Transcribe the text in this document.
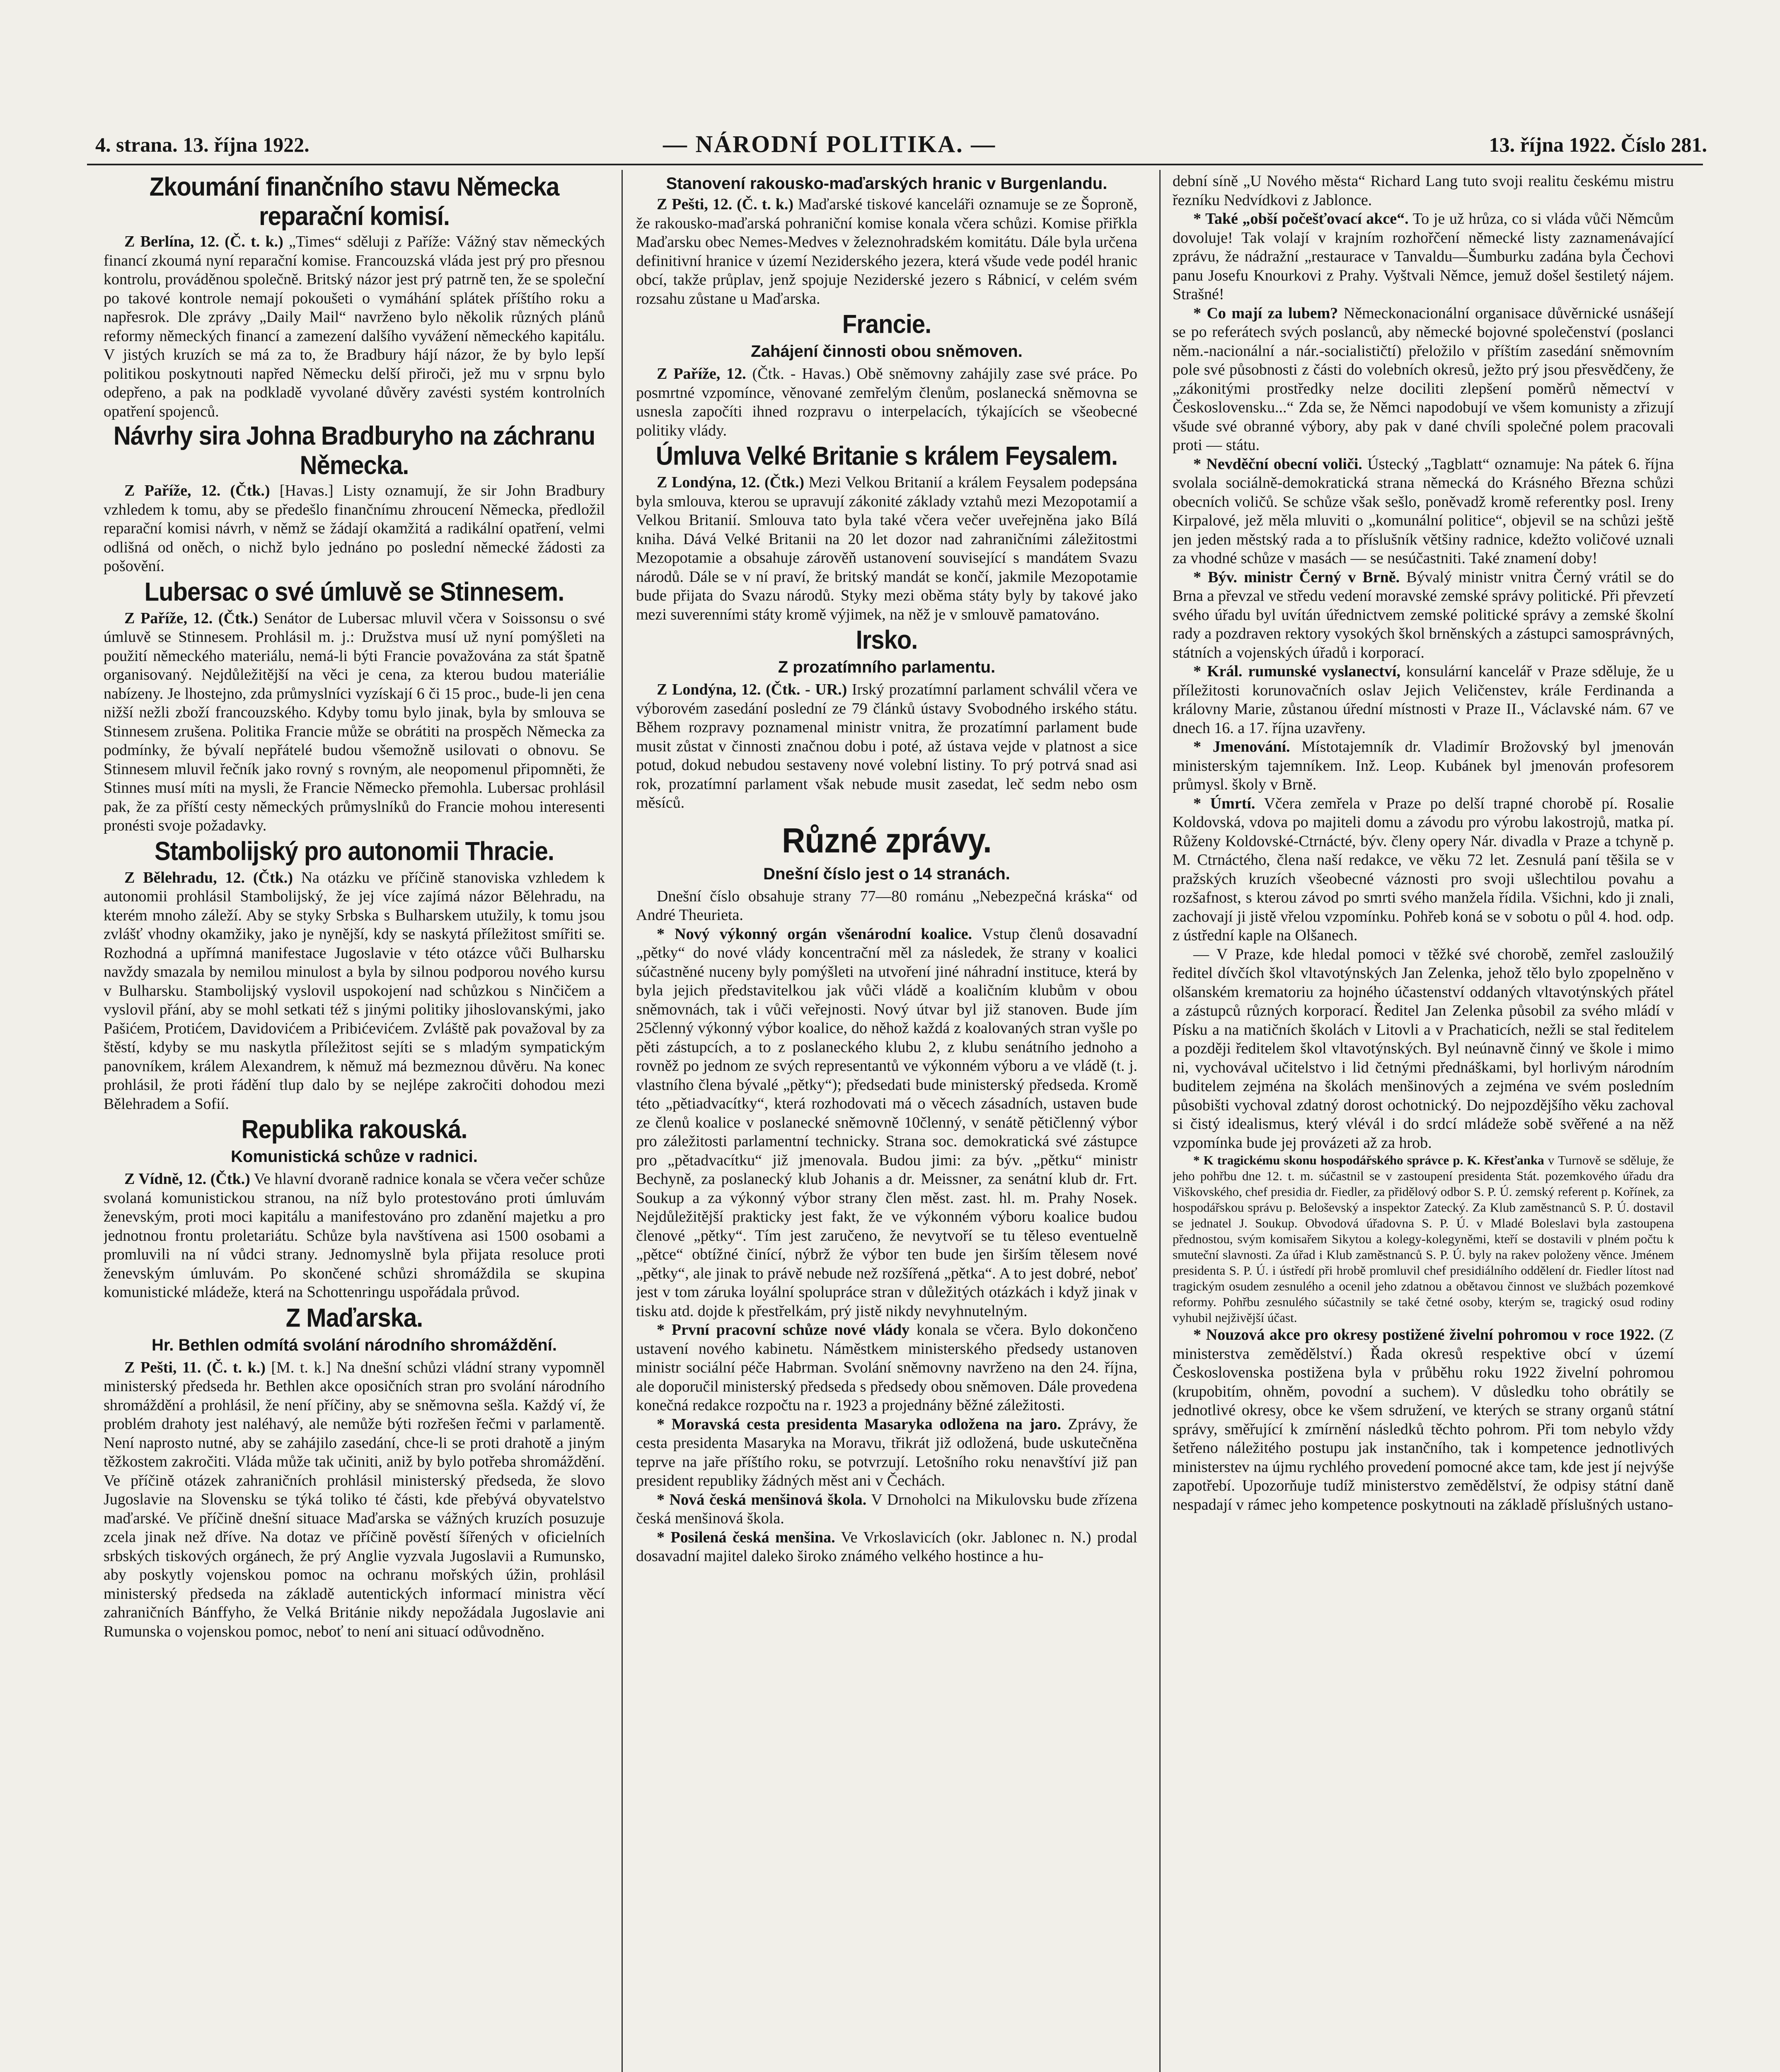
4. strana. 13. října 1922.	— NÁRODNÍ POLITIKA. —	13. října 1922. Číslo 281.
Zkoumání finančního stavu Německa reparační komisí.

Z Berlína, 12. (Č. t. k.) „Times“ sděluji z Paříže: Vážný stav německých financí zkoumá nyní reparační komise. Francouzská vláda jest prý pro přesnou kontrolu, prováděnou společně. Britský názor jest prý patrně ten, že se společní po takové kontrole nemají pokoušeti o vymáhání splátek příštího roku a napřesrok. Dle zprávy „Daily Mail“ navrženo bylo několik různých plánů reformy německých financí a zamezení dalšího vyvážení německého kapitálu. V jistých kruzích se má za to, že Bradbury hájí názor, že by bylo lepší politikou poskytnouti napřed Německu delší přiroči, jež mu v srpnu bylo odepřeno, a pak na podkladě vyvolané důvěry zavésti systém kontrolních opatření spojenců.

Návrhy sira Johna Bradburyho na záchranu Německa.

Z Paříže, 12. (Čtk.) [Havas.] Listy oznamují, že sir John Bradbury vzhledem k tomu, aby se předešlo finančnímu zhroucení Německa, předložil reparační komisi návrh, v němž se žádají okamžitá a radikální opatření, velmi odlišná od oněch, o nichž bylo jednáno po poslední německé žádosti za pošovění.

Lubersac o své úmluvě se Stinnesem.

Z Paříže, 12. (Čtk.) Senátor de Lubersac mluvil včera v Soissonsu o své úmluvě se Stinnesem. Prohlásil m. j.: Družstva musí už nyní pomýšleti na použití německého materiálu, nemá-li býti Francie považována za stát špatně organisovaný. Nejdůležitější na věci je cena, za kterou budou materiálie nabízeny. Je lhostejno, zda průmyslníci vyzískají 6 či 15 proc., bude-li jen cena nižší nežli zboží francouzského. Kdyby tomu bylo jinak, byla by smlouva se Stinnesem zrušena. Politika Francie může se obrátiti na prospěch Německa za podmínky, že bývalí nepřátelé budou všemožně usilovati o obnovu. Se Stinnesem mluvil řečník jako rovný s rovným, ale neopomenul připomněti, že Stinnes musí míti na mysli, že Francie Německo přemohla. Lubersac prohlásil pak, že za příští cesty německých průmyslníků do Francie mohou interesenti pronésti svoje požadavky.

Stambolijský pro autonomii Thracie.

Z Bělehradu, 12. (Čtk.) Na otázku ve příčině stanoviska vzhledem k autonomii prohlásil Stambolijský, že jej více zajímá názor Bělehradu, na kterém mnoho záleží. Aby se styky Srbska s Bulharskem utužily, k tomu jsou zvlášť vhodny okamžiky, jako je nynější, kdy se naskytá příležitost smířiti se. Rozhodná a upřímná manifestace Jugoslavie v této otázce vůči Bulharsku navždy smazala by nemilou minulost a byla by silnou podporou nového kursu v Bulharsku. Stambolijský vyslovil uspokojení nad schůzkou s Ninčičem a vyslovil přání, aby se mohl setkati též s jinými politiky jihoslovanskými, jako Pašićem, Protićem, Davidovićem a Pribićevićem. Zvláště pak považoval by za štěstí, kdyby se mu naskytla příležitost sejíti se s mladým sympatickým panovníkem, králem Alexandrem, k němuž má bezmeznou důvěru. Na konec prohlásil, že proti řádění tlup dalo by se nejlépe zakročiti dohodou mezi Bělehradem a Sofií.

Republika rakouská.
Komunistická schůze v radnici.

Z Vídně, 12. (Čtk.) Ve hlavní dvoraně radnice konala se včera večer schůze svolaná komunistickou stranou, na níž bylo protestováno proti úmluvám ženevským, proti moci kapitálu a manifestováno pro zdanění majetku a pro jednotnou frontu proletariátu. Schůze byla navštívena asi 1500 osobami a promluvili na ní vůdci strany. Jednomyslně byla přijata resoluce proti ženevským úmluvám. Po skončené schůzi shromáždila se skupina komunistické mládeže, která na Schottenringu uspořádala průvod.

Z Maďarska.
Hr. Bethlen odmítá svolání národního shromáždění.

Z Pešti, 11. (Č. t. k.) [M. t. k.] Na dnešní schůzi vládní strany vypomněl ministerský předseda hr. Bethlen akce oposičních stran pro svolání národního shromáždění a prohlásil, že není příčiny, aby se sněmovna sešla. Každý ví, že problém drahoty jest naléhavý, ale nemůže býti rozřešen řečmi v parlamentě. Není naprosto nutné, aby se zahájilo zasedání, chce-li se proti drahotě a jiným těžkostem zakročiti. Vláda může tak učiniti, aniž by bylo potřeba shromáždění. Ve příčině otázek zahraničních prohlásil ministerský předseda, že slovo Jugoslavie na Slovensku se týká toliko té části, kde přebývá obyvatelstvo maďarské. Ve příčině dnešní situace Maďarska se vážných kruzích posuzuje zcela jinak než dříve. Na dotaz ve příčině pověstí šířených v oficielních srbských tiskových orgánech, že prý Anglie vyzvala Jugoslavii a Rumunsko, aby poskytly vojenskou pomoc na ochranu mořských úžin, prohlásil ministerský předseda na základě autentických informací ministra věcí zahraničních Bánffyho, že Velká Británie nikdy nepožádala Jugoslavie ani Rumunska o vojenskou pomoc, neboť to není ani situací odůvodněno.

Stanovení rakousko-maďarských hranic v Burgenlandu.

Z Pešti, 12. (Č. t. k.) Maďarské tiskové kanceláři oznamuje se ze Šoproně, že rakousko-maďarská pohraniční komise konala včera schůzi. Komise přiřkla Maďarsku obec Nemes-Medves v železnohradském komitátu. Dále byla určena definitivní hranice v území Neziderského jezera, která všude vede podél hranic obcí, takže průplav, jenž spojuje Neziderské jezero s Rábnicí, v celém svém rozsahu zůstane u Maďarska.

Francie.
Zahájení činnosti obou sněmoven.

Z Paříže, 12. (Čtk. - Havas.) Obě sněmovny zahájily zase své práce. Po posmrtné vzpomínce, věnované zemřelým členům, poslanecká sněmovna se usnesla započíti ihned rozpravu o interpelacích, týkajících se všeobecné politiky vlády.

Úmluva Velké Britanie s králem Feysalem.

Z Londýna, 12. (Čtk.) Mezi Velkou Britanií a králem Feysalem podepsána byla smlouva, kterou se upravují zákonité základy vztahů mezi Mezopotamií a Velkou Britanií. Smlouva tato byla také včera večer uveřejněna jako Bílá kniha. Dává Velké Britanii na 20 let dozor nad zahraničními záležitostmi Mezopotamie a obsahuje zárověň ustanovení související s mandátem Svazu národů. Dále se v ní praví, že britský mandát se končí, jakmile Mezopotamie bude přijata do Svazu národů. Styky mezi oběma státy byly by takové jako mezi suverenními státy kromě výjimek, na něž je v smlouvě pamatováno.

Irsko.
Z prozatímního parlamentu.

Z Londýna, 12. (Čtk. - UR.) Irský prozatímní parlament schválil včera ve výborovém zasedání poslední ze 79 článků ústavy Svobodného irského státu. Během rozpravy poznamenal ministr vnitra, že prozatímní parlament bude musit zůstat v činnosti značnou dobu i poté, až ústava vejde v platnost a sice potud, dokud nebudou sestaveny nové volební listiny. To prý potrvá snad asi rok, prozatímní parlament však nebude musit zasedat, leč sedm nebo osm měsíců.

Různé zprávy.
Dnešní číslo jest o 14 stranách.

Dnešní číslo obsahuje strany 77—80 románu „Nebezpečná kráska“ od André Theurieta.

* Nový výkonný orgán všenárodní koalice. Vstup členů dosavadní „pětky“ do nové vlády koncentrační měl za následek, že strany v koalici súčastněné nuceny byly pomýšleti na utvoření jiné náhradní instituce, která by byla jejich představitelkou jak vůči vládě a koaličním klubům v obou sněmovnách, tak i vůči veřejnosti. Nový útvar byl již stanoven. Bude jím 25členný výkonný výbor koalice, do něhož každá z koalovaných stran vyšle po pěti zástupcích, a to z poslaneckého klubu 2, z klubu senátního jednoho a rovněž po jednom ze svých representantů ve výkonném výboru a ve vládě (t. j. vlastního člena bývalé „pětky“); předsedati bude ministerský předseda. Kromě této „pětiadvacítky“, která rozhodovati má o věcech zásadních, ustaven bude ze členů koalice v poslanecké sněmovně 10členný, v senátě pětičlenný výbor pro záležitosti parlamentní technicky. Strana soc. demokratická své zástupce pro „pětadvacítku“ již jmenovala. Budou jimi: za býv. „pětku“ ministr Bechyně, za poslanecký klub Johanis a dr. Meissner, za senátní klub dr. Frt. Soukup a za výkonný výbor strany člen měst. zast. hl. m. Prahy Nosek. Nejdůležitější prakticky jest fakt, že ve výkonném výboru koalice budou členové „pětky“. Tím jest zaručeno, že nevytvoří se tu těleso eventuelně „pětce“ obtížné činící, nýbrž že výbor ten bude jen širším tělesem nové „pětky“, ale jinak to právě nebude než rozšířená „pětka“. A to jest dobré, neboť jest v tom záruka loyální spolupráce stran v důležitých otázkách i když jinak v tisku atd. dojde k přestřelkám, prý jistě nikdy nevyhnutelným.

* První pracovní schůze nové vlády konala se včera. Bylo dokončeno ustavení nového kabinetu. Náměstkem ministerského předsedy ustanoven ministr sociální péče Habrman. Svolání sněmovny navrženo na den 24. října, ale doporučil ministerský předseda s předsedy obou sněmoven. Dále provedena konečná redakce rozpočtu na r. 1923 a projednány běžné záležitosti.

* Moravská cesta presidenta Masaryka odložena na jaro. Zprávy, že cesta presidenta Masaryka na Moravu, třikrát již odložená, bude uskutečněna teprve na jaře příštího roku, se potvrzují. Letošního roku nenavštíví již pan president republiky žádných měst ani v Čechách.

* Nová česká menšinová škola. V Drnoholci na Mikulovsku bude zřízena česká menšinová škola.

* Posilená česká menšina. Ve Vrkoslavicích (okr. Jablonec n. N.) prodal dosavadní majitel daleko široko známého velkého hostince a hu-

dební síně „U Nového města“ Richard Lang tuto svoji realitu českému mistru řezníku Nedvídkovi z Jablonce.

* Také „obší počešťovací akce“. To je už hrůza, co si vláda vůči Němcům dovoluje! Tak volají v krajním rozhořčení německé listy zaznamenávající zprávu, že nádražní „restaurace v Tanvaldu—Šumburku zadána byla Čechovi panu Josefu Knourkovi z Prahy. Vyštvali Němce, jemuž došel šestiletý nájem. Strašné!

* Co mají za lubem? Německonacionální organisace důvěrnické usnášejí se po referátech svých poslanců, aby německé bojovné společenství (poslanci něm.-nacionální a nár.-socialističtí) přeložilo v příštím zasedání sněmovním pole své působnosti z části do volebních okresů, ježto prý jsou přesvědčeny, že „zákonitými prostředky nelze dociliti zlepšení poměrů němectví v Československu...“ Zda se, že Němci napodobují ve všem komunisty a zřizují všude své obranné výbory, aby pak v dané chvíli společné polem pracovali proti — státu.

* Nevděční obecní voliči. Ústecký „Tagblatt“ oznamuje: Na pátek 6. října svolala sociálně-demokratická strana německá do Krásného Březnа schůzi obecních voličů. Se schůze však sešlo, poněvadž kromě referentky posl. Ireny Kirpalové, jež měla mluviti o „komunální politice“, objevil se na schůzi ještě jen jeden městský rada a to příslušník většiny radnice, kdežto voličové uznali za vhodné schůze v masách — se nesúčastniti. Také znamení doby!

* Býv. ministr Černý v Brně. Bývalý ministr vnitra Černý vrátil se do Brna a převzal ve středu vedení moravské zemské správy politické. Při převzetí svého úřadu byl uvítán úřednictvem zemské politické správy a zemské školní rady a pozdraven rektory vysokých škol brněnských a zástupci samosprávných, státních a vojenských úřadů i korporací.

* Král. rumunské vyslanectví, konsulární kancelář v Praze sděluje, že u příležitosti korunovačních oslav Jejich Veličenstev, krále Ferdinanda a královny Marie, zůstanou úřední místnosti v Praze II., Václavské nám. 67 ve dnech 16. a 17. října uzavřeny.

* Jmenování. Místotajemník dr. Vladimír Brožovský byl jmenován ministerským tajemníkem. Inž. Leop. Kubánek byl jmenován profesorem průmysl. školy v Brně.

* Úmrtí. Včera zemřela v Praze po delší trapné chorobě pí. Rosalie Koldovská, vdova po majiteli domu a závodu pro výrobu lakostrojů, matka pí. Růženy Koldovské-Ctrnácté, býv. členy opery Nár. divadla v Praze a tchyně p. M. Ctrnáctého, člena naší redakce, ve věku 72 let. Zesnulá paní těšila se v pražských kruzích všeobecné váznosti pro svoji ušlechtilou povahu a rozšafnost, s kterou závod po smrti svého manžela řídila. Všichni, kdo ji znali, zachovají ji jistě vřelou vzpomínku. Pohřeb koná se v sobotu o půl 4. hod. odp. z ústřední kaple na Olšanech.

— V Praze, kde hledal pomoci v těžké své chorobě, zemřel zasloužilý ředitel dívčích škol vltavotýnských Jan Zelenka, jehož tělo bylo zpopelněno v olšanském krematoriu za hojného účastenství oddaných vltavotýnských přátel a zástupců různých korporací. Ředitel Jan Zelenka působil za svého mládí v Písku a na matičních školách v Litovli a v Prachaticích, nežli se stal ředitelem a později ředitelem škol vltavotýnských. Byl neúnavně činný ve škole i mimo ni, vychovával učitelstvo i lid četnými přednáškami, byl horlivým národním buditelem zejména na školách menšinových a zejména ve svém posledním působišti vychoval zdatný dorost ochotnický. Do nejpozdějšího věku zachoval si čistý idealismus, který vlévál i do srdcí mládeže sobě svěřené a na něž vzpomínka bude jej provázeti až za hrob.

* K tragickému skonu hospodářského správce p. K. Křesťanka v Turnově se sděluje, že jeho pohřbu dne 12. t. m. súčastnil se v zastoupení presidenta Stát. pozemkového úřadu dra Viškovského, chef presidia dr. Fiedler, za přidělový odbor S. P. Ú. zemský referent p. Kořínek, za hospodářskou správu p. Beloševský a inspektor Zatecký. Za Klub zaměstnanců S. P. Ú. dostavil se jednatel J. Soukup. Obvodová úřadovna S. P. Ú. v Mladé Boleslavi byla zastoupena přednostou, svým komisařem Sikytou a kolegy-kolegyněmi, kteří se dostavili v plném počtu k smuteční slavnosti. Za úřad i Klub zaměstnanců S. P. Ú. byly na rakev položeny věnce. Jménem presidenta S. P. Ú. i ústředí při hrobě promluvil chef presidiálního oddělení dr. Fiedler lítost nad tragickým osudem zesnulého a ocenil jeho zdatnou a obětavou činnost ve službách pozemkové reformy. Pohřbu zesnulého súčastnily se také četné osoby, kterým se, tragický osud rodiny vyhubil nejživější účast.

* Nouzová akce pro okresy postižené živelní pohromou v roce 1922. (Z ministerstva zemědělství.) Řada okresů respektive obcí v území Československa postižena byla v průběhu roku 1922 živelní pohromou (krupobitím, ohněm, povodní a suchem). V důsledku toho obrátily se jednotlivé okresy, obce ke všem sdružení, ve kterých se strany organů státní správy, směřující k zmírnění následků těchto pohrom. Při tom nebylo vždy šetřeno náležitého postupu jak instančního, tak i kompetence jednotlivých ministerstev na újmu rychlého provedení pomocné akce tam, kde jest jí nejvýše zapotřebí. Upozorňuje tudíž ministerstvo zemědělství, že odpisy státní daně nespadají v rámec jeho kompetence poskytnouti na základě příslušných ustano-
